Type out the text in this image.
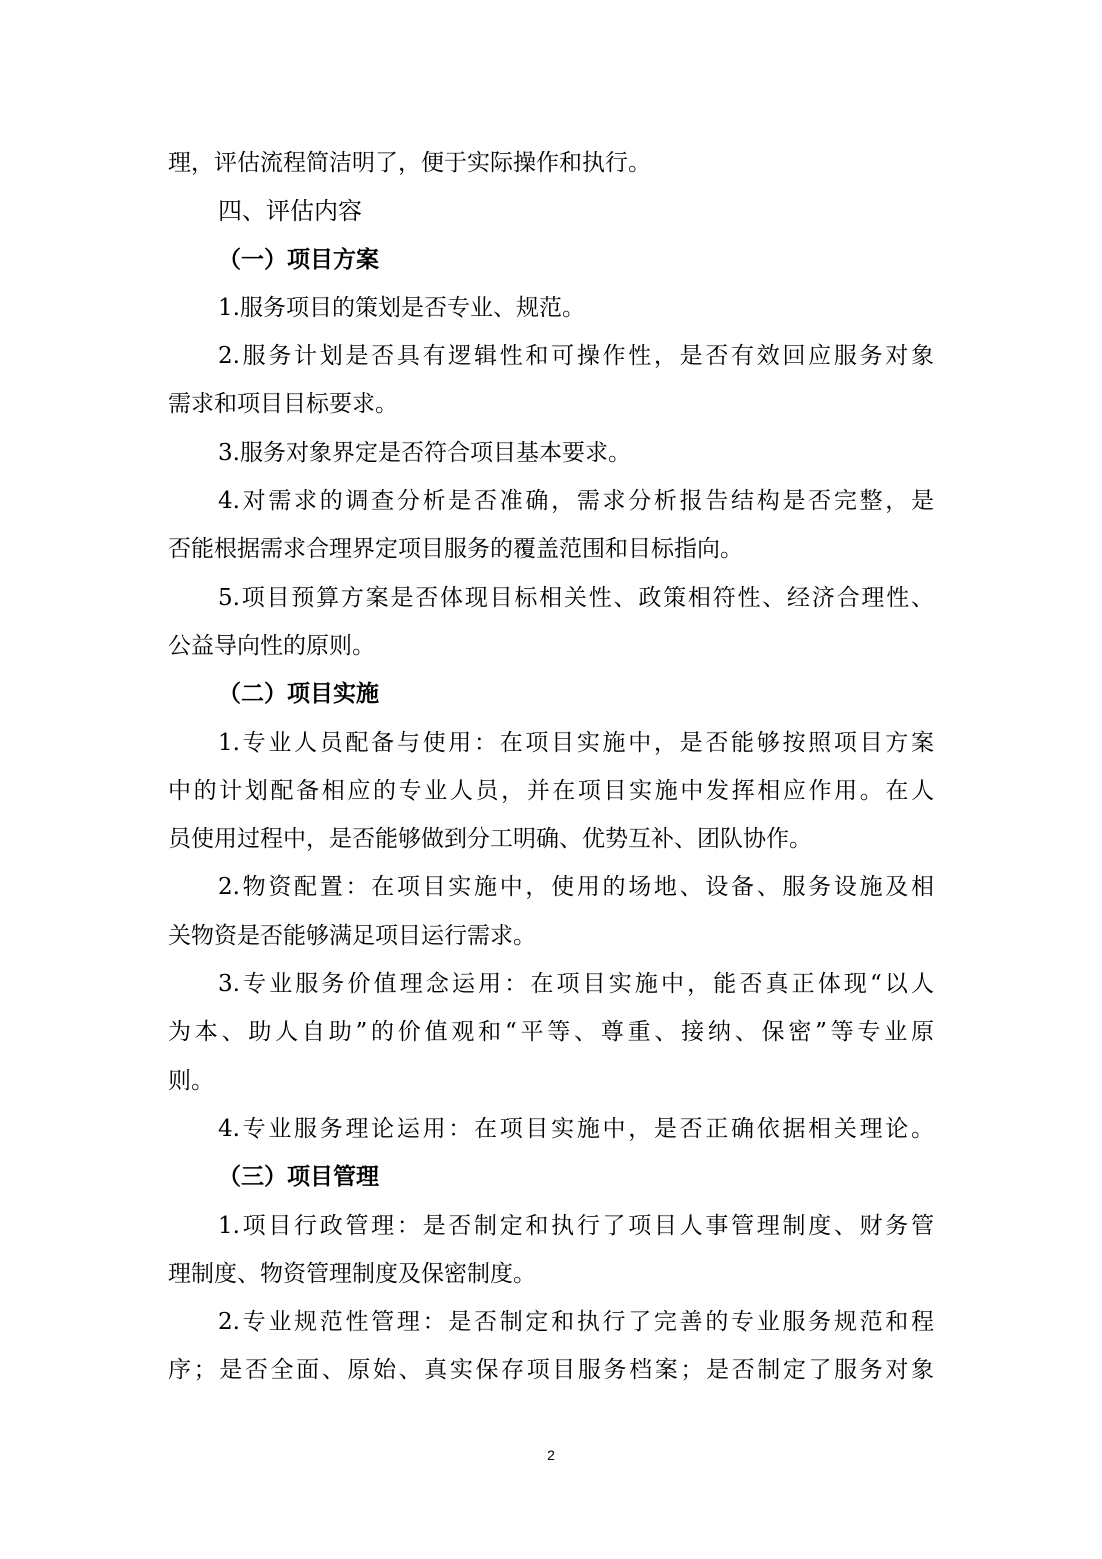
理，评估流程简洁明了，便于实际操作和执行。
四、评估内容
（一）项目方案
1.服务项目的策划是否专业、规范。
2.服务计划是否具有逻辑性和可操作性，是否有效回应服务对象
需求和项目目标要求。
3.服务对象界定是否符合项目基本要求。
4.对需求的调查分析是否准确，需求分析报告结构是否完整，是
否能根据需求合理界定项目服务的覆盖范围和目标指向。
5.项目预算方案是否体现目标相关性、政策相符性、经济合理性、
公益导向性的原则。
（二）项目实施
1.专业人员配备与使用：在项目实施中，是否能够按照项目方案
中的计划配备相应的专业人员，并在项目实施中发挥相应作用。在人
员使用过程中，是否能够做到分工明确、优势互补、团队协作。
2.物资配置：在项目实施中，使用的场地、设备、服务设施及相
关物资是否能够满足项目运行需求。
3.专业服务价值理念运用：在项目实施中，能否真正体现“以人
为本、助人自助”的价值观和“平等、尊重、接纳、保密”等专业原
则。
4.专业服务理论运用：在项目实施中，是否正确依据相关理论。
（三）项目管理
1.项目行政管理：是否制定和执行了项目人事管理制度、财务管
理制度、物资管理制度及保密制度。
2.专业规范性管理：是否制定和执行了完善的专业服务规范和程
序；是否全面、原始、真实保存项目服务档案；是否制定了服务对象
2
